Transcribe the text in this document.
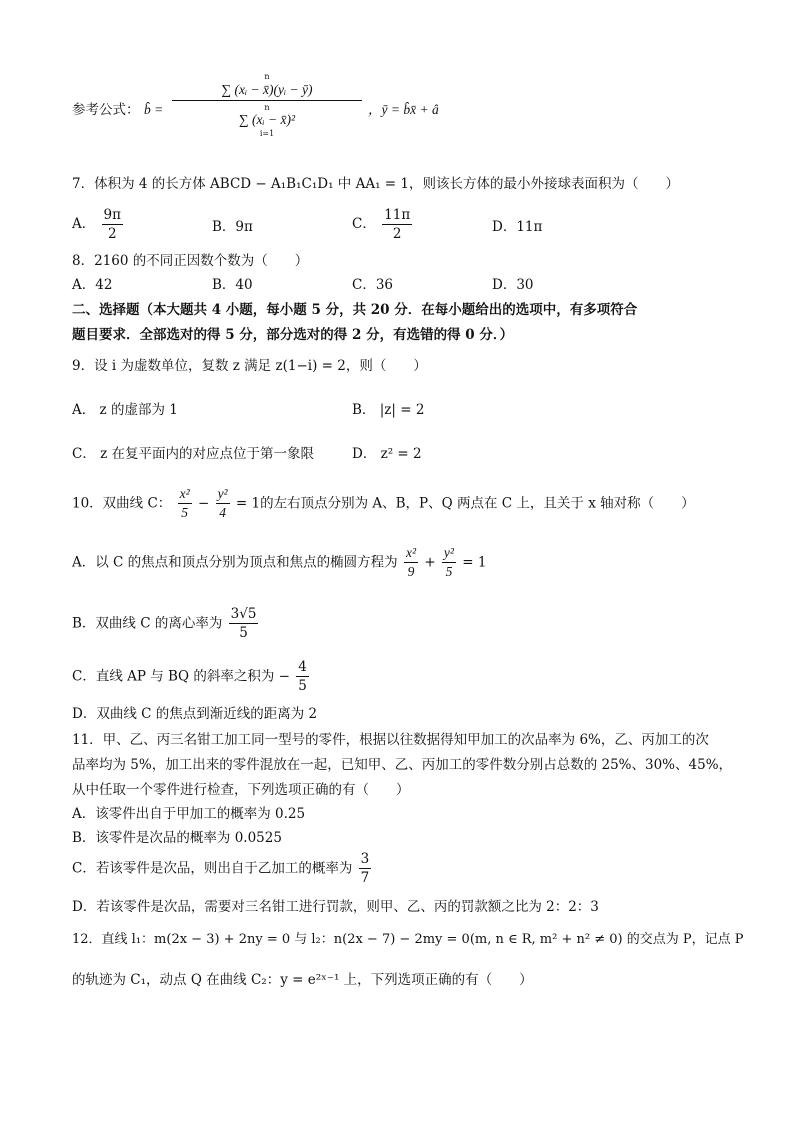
参考公式： b̂ =
n
∑ (xᵢ − x̄)(yᵢ − ȳ)
n
∑ (xᵢ − x̄)²
i=1
，ȳ = b̂x̄ + â
7．体积为 4 的长方体 ABCD − A₁B₁C₁D₁ 中 AA₁ = 1，则该长方体的最小外接球表面积为（　　）
A． $\frac{9\pi}{2}$	B．9π	C． $\frac{11\pi}{2}$	D．11π
8．2160 的不同正因数个数为（　　）
A．42	B．40	C．36	D．30
二、选择题（本大题共 4 小题，每小题 5 分，共 20 分．在每小题给出的选项中，有多项符合
题目要求．全部选对的得 5 分，部分选对的得 2 分，有选错的得 0 分．）
9．设 i 为虚数单位，复数 z 满足 z(1−i) = 2，则（　　）
A． z 的虚部为 1	B． |z| = 2
C． z 在复平面内的对应点位于第一象限	D． z² = 2
10．双曲线 C： $\frac{\text{x²}}{5} - \frac{\text{y²}}{4} = 1$的左右顶点分别为 A、B，P、Q 两点在 C 上，且关于 x 轴对称（　　）
A．以 C 的焦点和顶点分别为顶点和焦点的椭圆方程为 $\frac{\text{x²}}{9} + \frac{\text{y²}}{5} = 1$
B．双曲线 C 的离心率为 $\frac{3√5}{5}$
C．直线 AP 与 BQ 的斜率之积为 − $\frac{4}{5}$
D．双曲线 C 的焦点到渐近线的距离为 2
11．甲、乙、丙三名钳工加工同一型号的零件，根据以往数据得知甲加工的次品率为 6%，乙、丙加工的次
品率均为 5%，加工出来的零件混放在一起，已知甲、乙、丙加工的零件数分别占总数的 25%、30%、45%，
从中任取一个零件进行检查，下列选项正确的有（　　）
A．该零件出自于甲加工的概率为 0.25
B．该零件是次品的概率为 0.0525
C．若该零件是次品，则出自于乙加工的概率为 $\frac{3}{7}$
D．若该零件是次品，需要对三名钳工进行罚款，则甲、乙、丙的罚款额之比为 2：2：3
12．直线 l₁：m(2x − 3) + 2ny = 0 与 l₂：n(2x − 7) − 2my = 0(m, n ∈ R, m² + n² ≠ 0) 的交点为 P，记点 P
的轨迹为 C₁，动点 Q 在曲线 C₂：y = e²ˣ⁻¹ 上，下列选项正确的有（　　）
